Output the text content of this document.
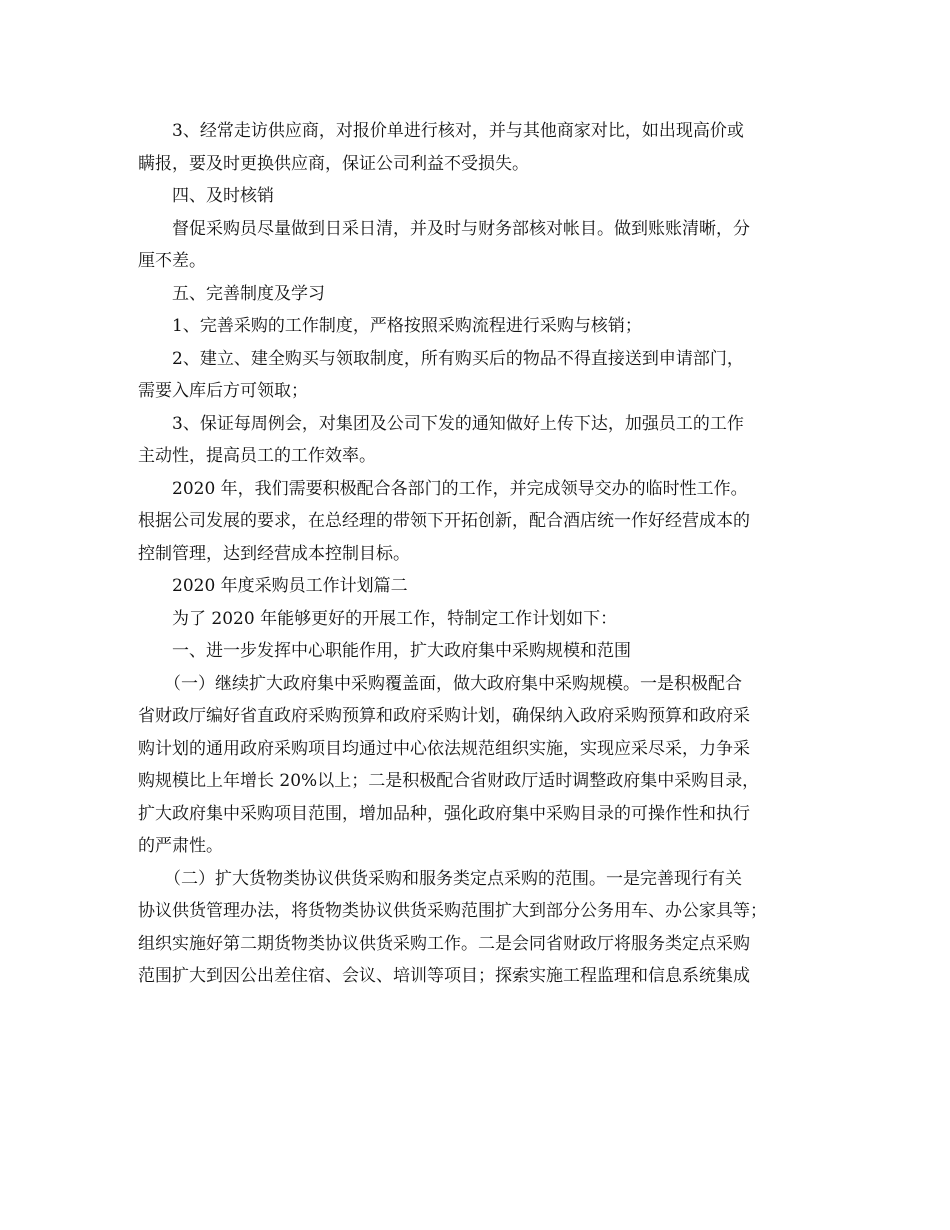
3、经常走访供应商，对报价单进行核对，并与其他商家对比，如出现高价或
瞒报，要及时更换供应商，保证公司利益不受损失。
四、及时核销
督促采购员尽量做到日采日清，并及时与财务部核对帐目。做到账账清晰，分
厘不差。
五、完善制度及学习
1、完善采购的工作制度，严格按照采购流程进行采购与核销；
2、建立、建全购买与领取制度，所有购买后的物品不得直接送到申请部门，
需要入库后方可领取；
3、保证每周例会，对集团及公司下发的通知做好上传下达，加强员工的工作
主动性，提高员工的工作效率。
2020 年，我们需要积极配合各部门的工作，并完成领导交办的临时性工作。
根据公司发展的要求，在总经理的带领下开拓创新，配合酒店统一作好经营成本的
控制管理，达到经营成本控制目标。
2020 年度采购员工作计划篇二
为了 2020 年能够更好的开展工作，特制定工作计划如下：
一、进一步发挥中心职能作用，扩大政府集中采购规模和范围
（一）继续扩大政府集中采购覆盖面，做大政府集中采购规模。一是积极配合
省财政厅编好省直政府采购预算和政府采购计划，确保纳入政府采购预算和政府采
购计划的通用政府采购项目均通过中心依法规范组织实施，实现应采尽采，力争采
购规模比上年增长 20%以上；二是积极配合省财政厅适时调整政府集中采购目录，
扩大政府集中采购项目范围，增加品种，强化政府集中采购目录的可操作性和执行
的严肃性。
（二）扩大货物类协议供货采购和服务类定点采购的范围。一是完善现行有关
协议供货管理办法，将货物类协议供货采购范围扩大到部分公务用车、办公家具等；
组织实施好第二期货物类协议供货采购工作。二是会同省财政厅将服务类定点采购
范围扩大到因公出差住宿、会议、培训等项目；探索实施工程监理和信息系统集成
